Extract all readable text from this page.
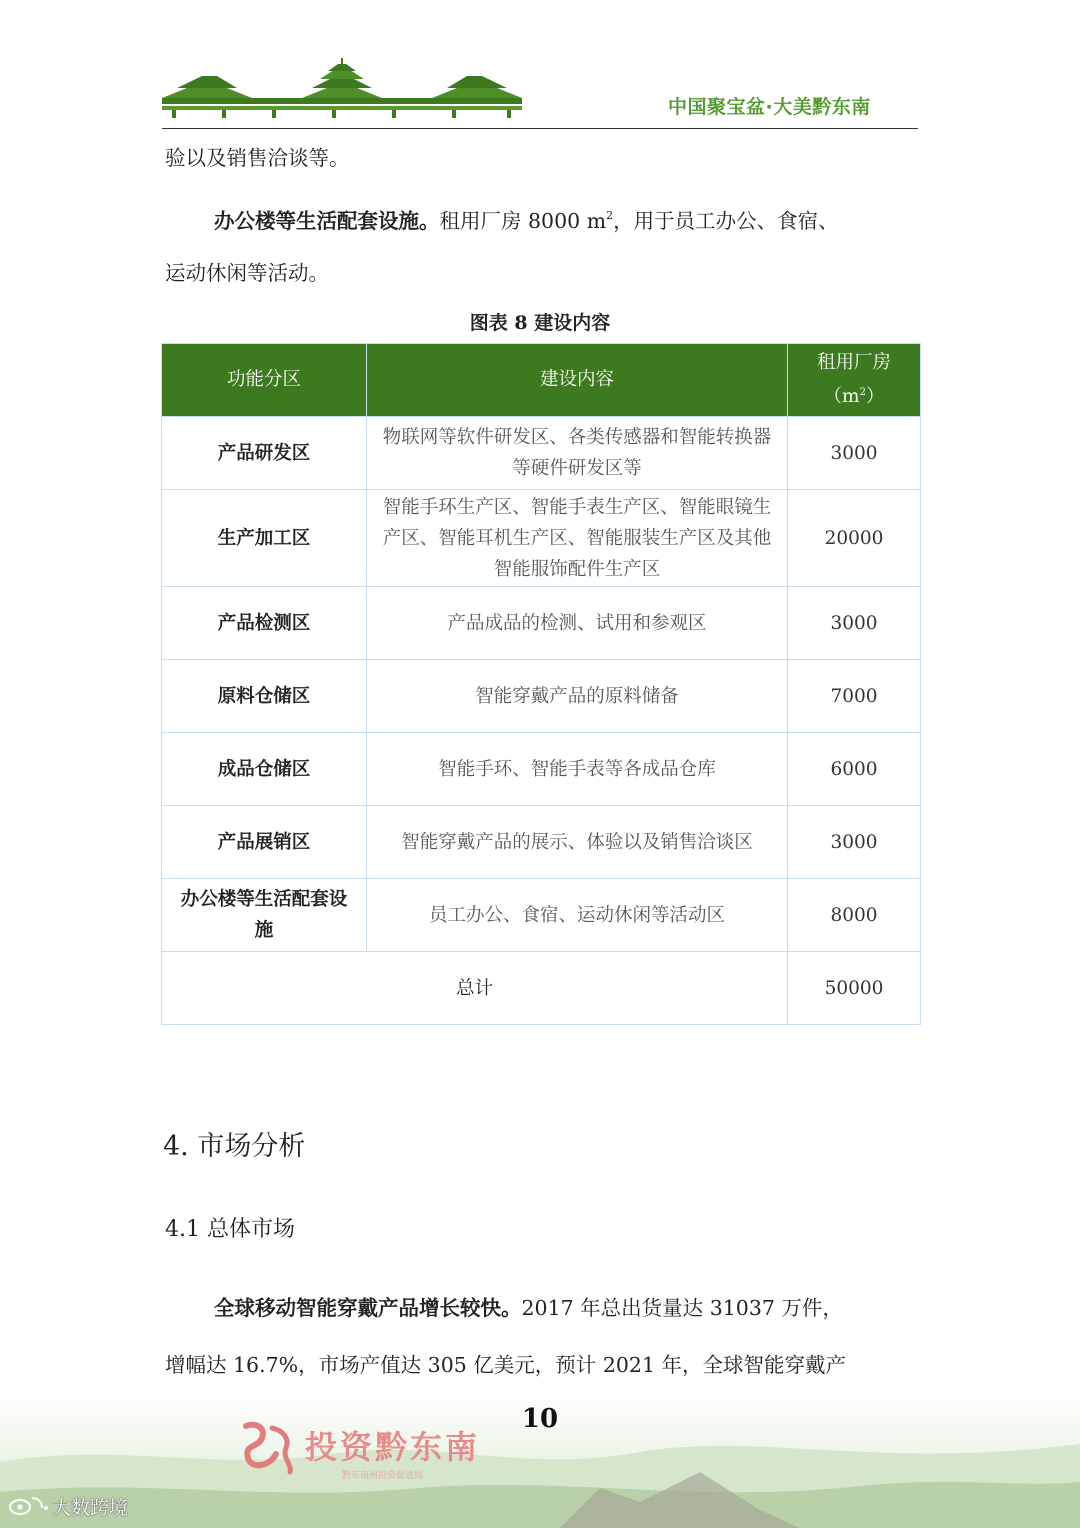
中国聚宝盆·大美黔东南
验以及销售洽谈等。
办公楼等生活配套设施。租用厂房 8000 $m^2$，用于员工办公、食宿、
运动休闲等活动。
图表 8 建设内容
功能分区	建设内容	租用厂房
$(m^2)$
产品研发区	物联网等软件研发区、各类传感器和智能转换器等硬件研发区等	3000
生产加工区	智能手环生产区、智能手表生产区、智能眼镜生产区、智能耳机生产区、智能服装生产区及其他智能服饰配件生产区	20000
产品检测区	产品成品的检测、试用和参观区	3000
原料仓储区	智能穿戴产品的原料储备	7000
成品仓储区	智能手环、智能手表等各成品仓库	6000
产品展销区	智能穿戴产品的展示、体验以及销售洽谈区	3000
办公楼等生活配套设施	员工办公、食宿、运动休闲等活动区	8000
总计		50000
4. 市场分析
4.1 总体市场
全球移动智能穿戴产品增长较快。2017 年总出货量达 31037 万件，
增幅达 16.7%，市场产值达 305 亿美元，预计 2021 年，全球智能穿戴产
10
投资黔东南
黔东南州投资促进局
大数跨境
